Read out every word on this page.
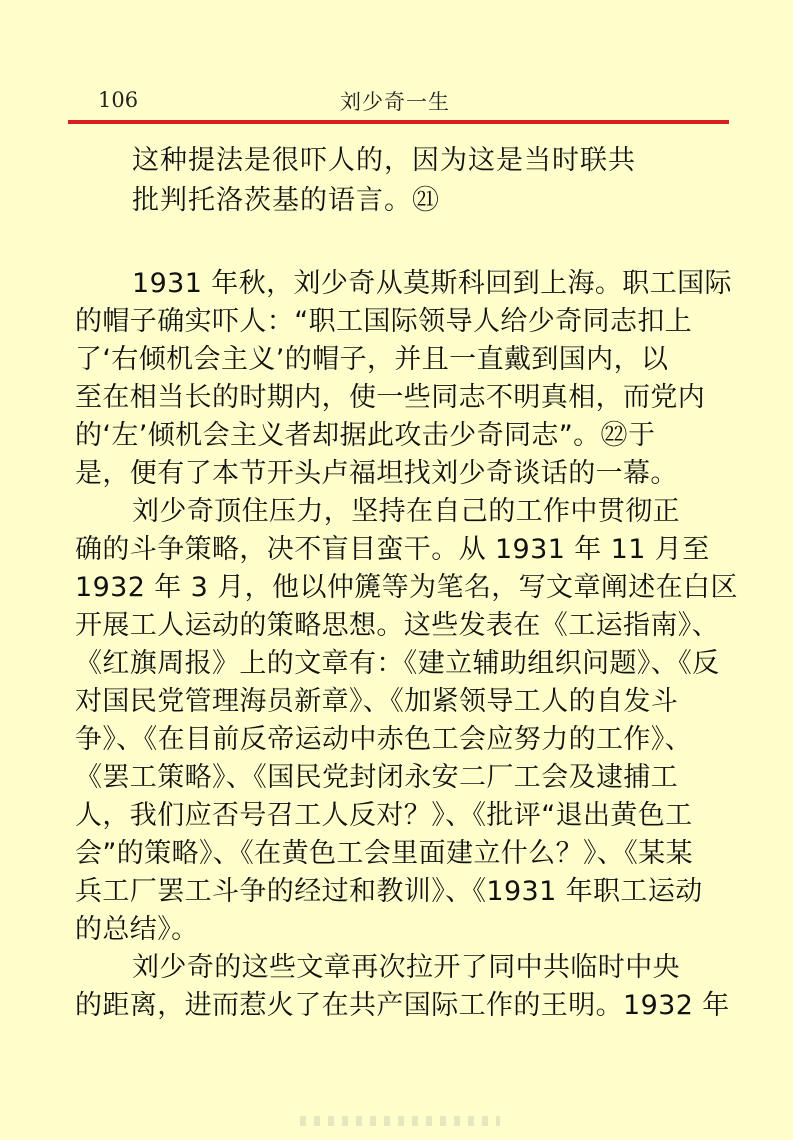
106	刘少奇一生
这种提法是很吓人的，因为这是当时联共
批判托洛茨基的语言。㉑
1931 年秋，刘少奇从莫斯科回到上海。职工国际
的帽子确实吓人：“职工国际领导人给少奇同志扣上
了‘右倾机会主义’的帽子，并且一直戴到国内，以
至在相当长的时期内，使一些同志不明真相，而党内
的‘左’倾机会主义者却据此攻击少奇同志”。㉒于
是，便有了本节开头卢福坦找刘少奇谈话的一幕。
刘少奇顶住压力，坚持在自己的工作中贯彻正
确的斗争策略，决不盲目蛮干。从 1931 年 11 月至
1932 年 3 月，他以仲篪等为笔名，写文章阐述在白区
开展工人运动的策略思想。这些发表在《工运指南》、
《红旗周报》上的文章有：《建立辅助组织问题》、《反
对国民党管理海员新章》、《加紧领导工人的自发斗
争》、《在目前反帝运动中赤色工会应努力的工作》、
《罢工策略》、《国民党封闭永安二厂工会及逮捕工
人，我们应否号召工人反对？》、《批评“退出黄色工
会”的策略》、《在黄色工会里面建立什么？》、《某某
兵工厂罢工斗争的经过和教训》、《1931 年职工运动
的总结》。
刘少奇的这些文章再次拉开了同中共临时中央
的距离，进而惹火了在共产国际工作的王明。1932 年
